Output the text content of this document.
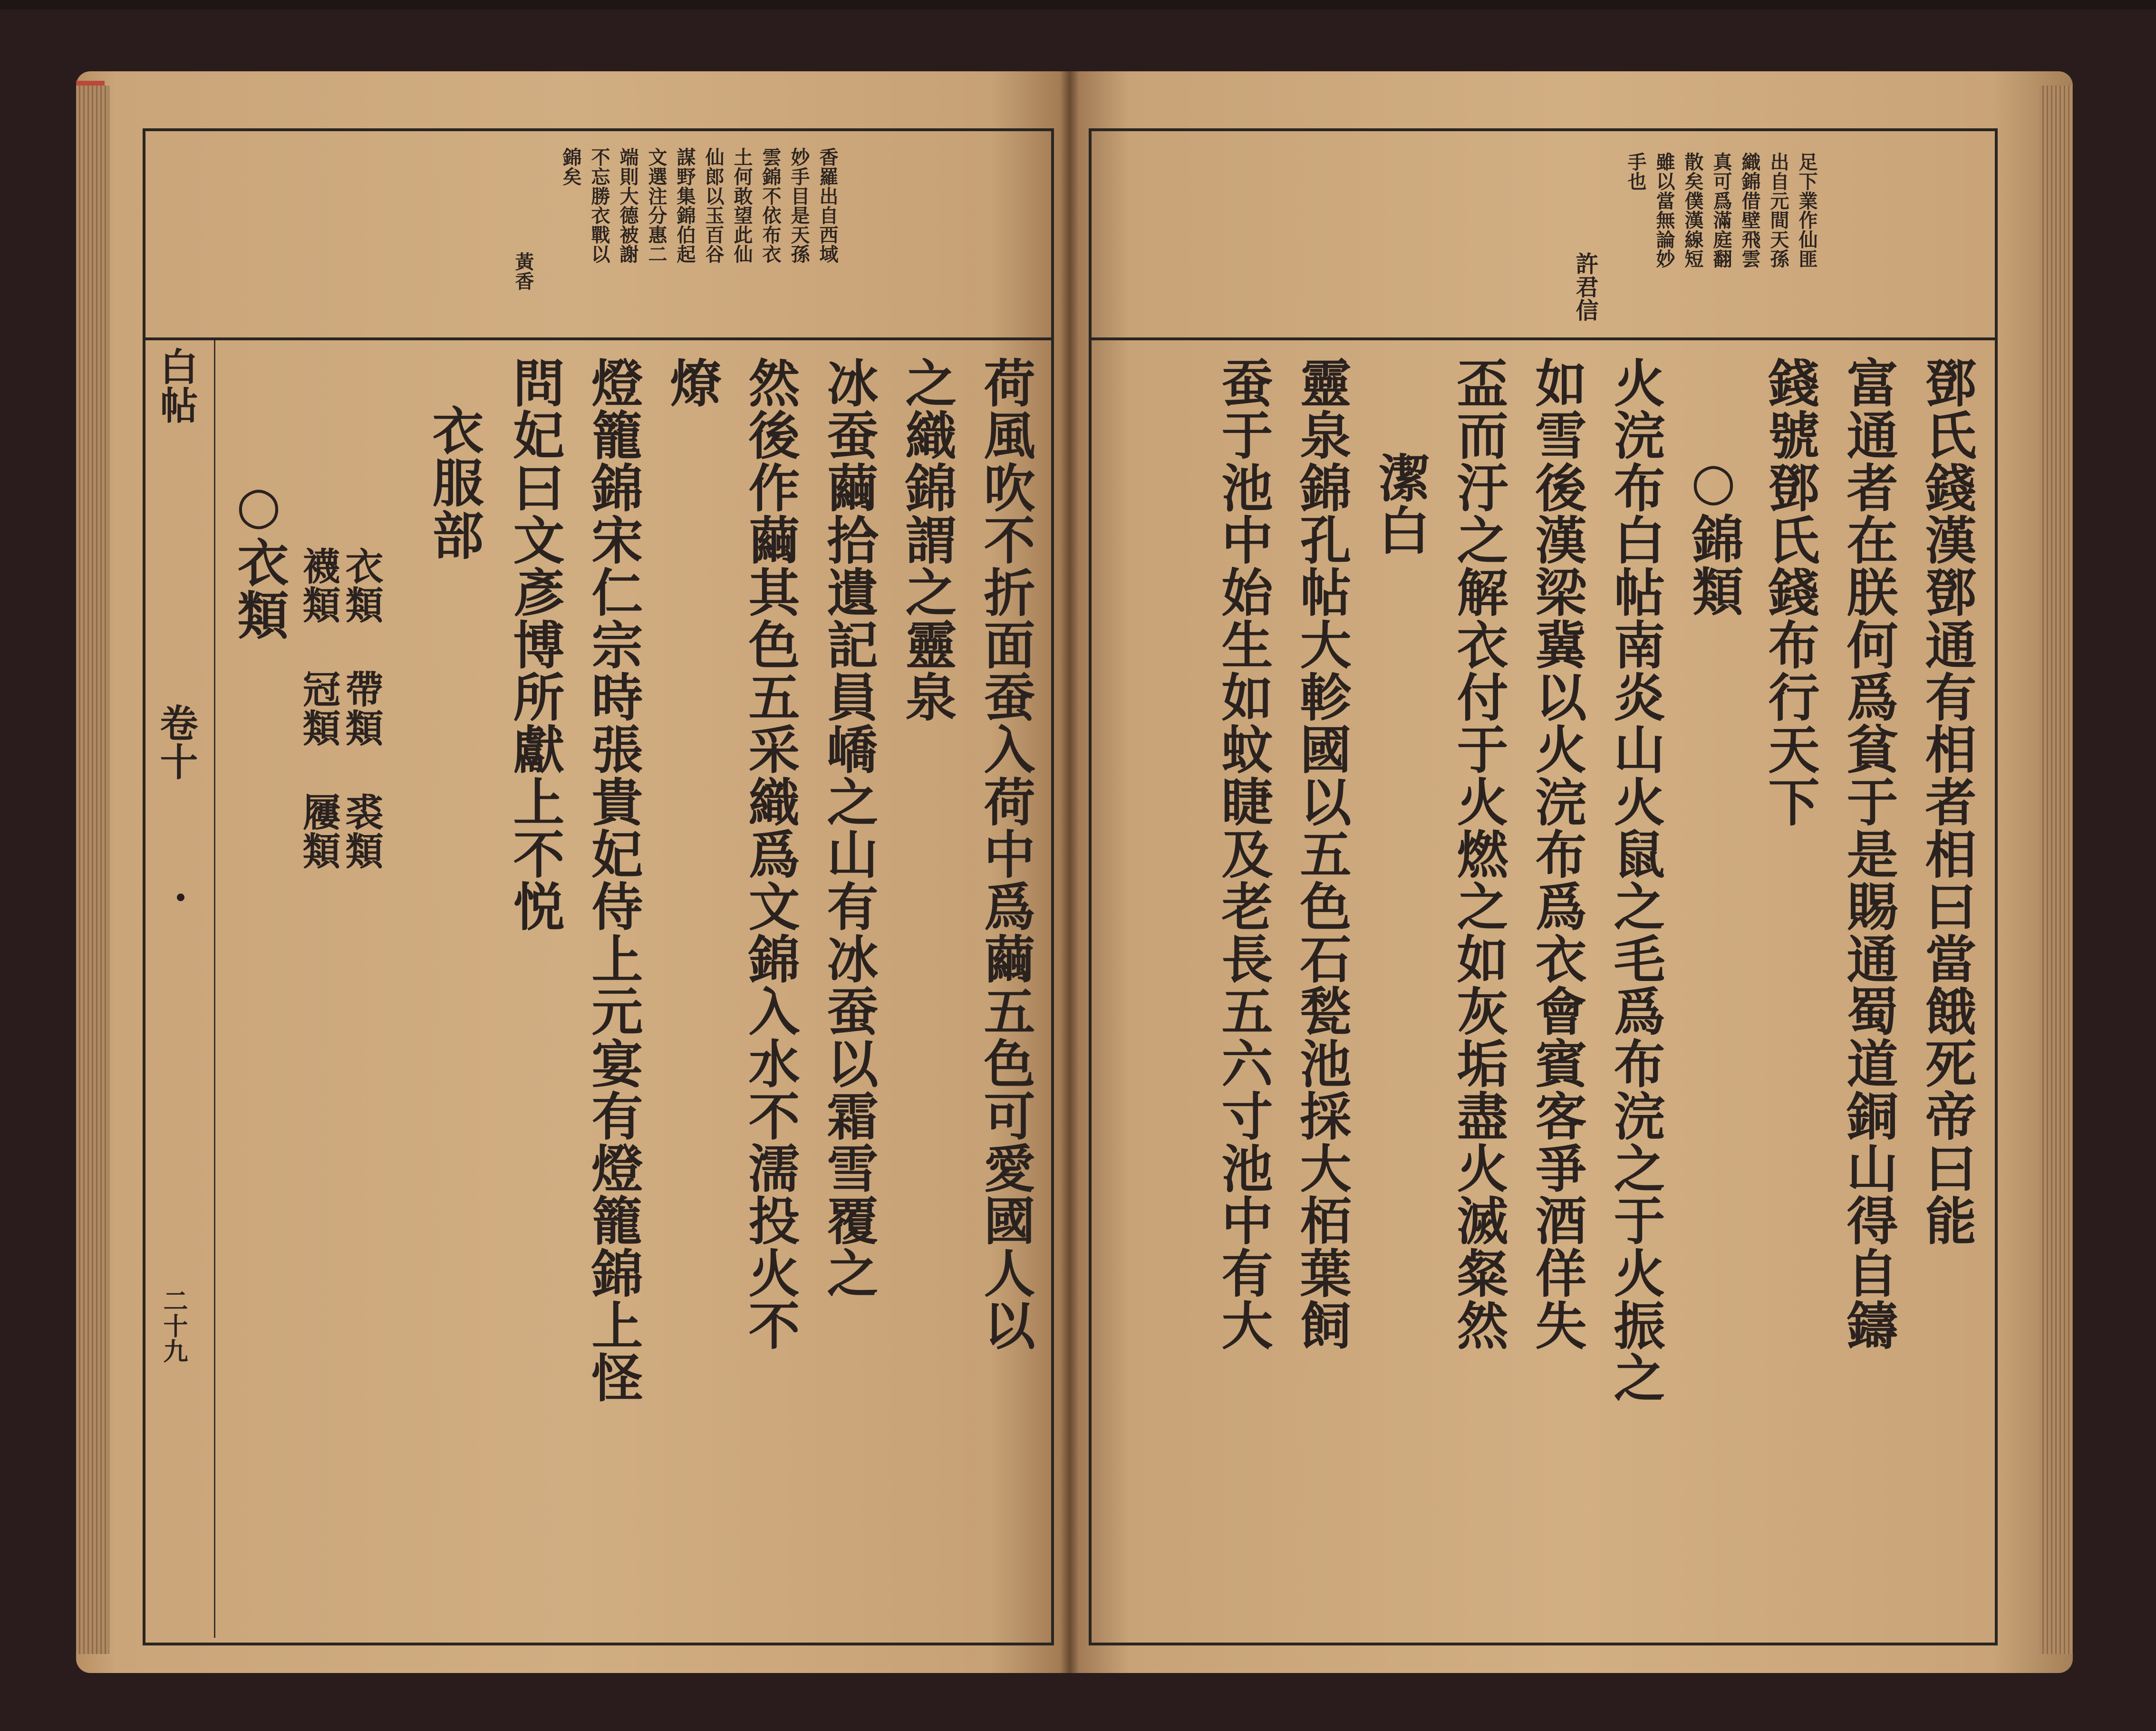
香羅出自西域
妙手目是天孫
雲錦不依布衣
土何敢望此仙
仙郎以玉百谷
謀野集錦伯起
文選注分惠二
端則大德被謝
不忘勝衣戰以
錦矣
黃香
白帖
卷十
二十九	荷風吹不折面蚕入荷中爲繭五色可愛國人以
之織錦謂之靈泉
冰蚕繭拾遺記員嶠之山有冰蚕以霜雪覆之
然後作繭其色五采織爲文錦入水不濡投火不
燎
燈籠錦宋仁宗時張貴妃侍上元宴有燈籠錦上怪
問妃曰文彥博所獻上不悦
衣服部
衣類 帶類 裘類
襪類 冠類 屨類
○衣類
足下業作仙匪
出自元間天孫
織錦借壁飛雲
真可爲滿庭翻
散矣僕漢線短
雖以當無論妙
手也
許君信
鄧氏錢漢鄧通有相者相曰當餓死帝曰能
富通者在朕何爲貧于是賜通蜀道銅山得自鑄
錢號鄧氏錢布行天下
○錦類
火浣布白帖南炎山火鼠之毛爲布浣之于火振之
如雪後漢梁冀以火浣布爲衣會賓客爭酒佯失
盃而汙之解衣付于火燃之如灰垢盡火滅粲然
潔白
靈泉錦孔帖大軫國以五色石甃池採大栢葉飼
蚕于池中始生如蚊睫及老長五六寸池中有大
